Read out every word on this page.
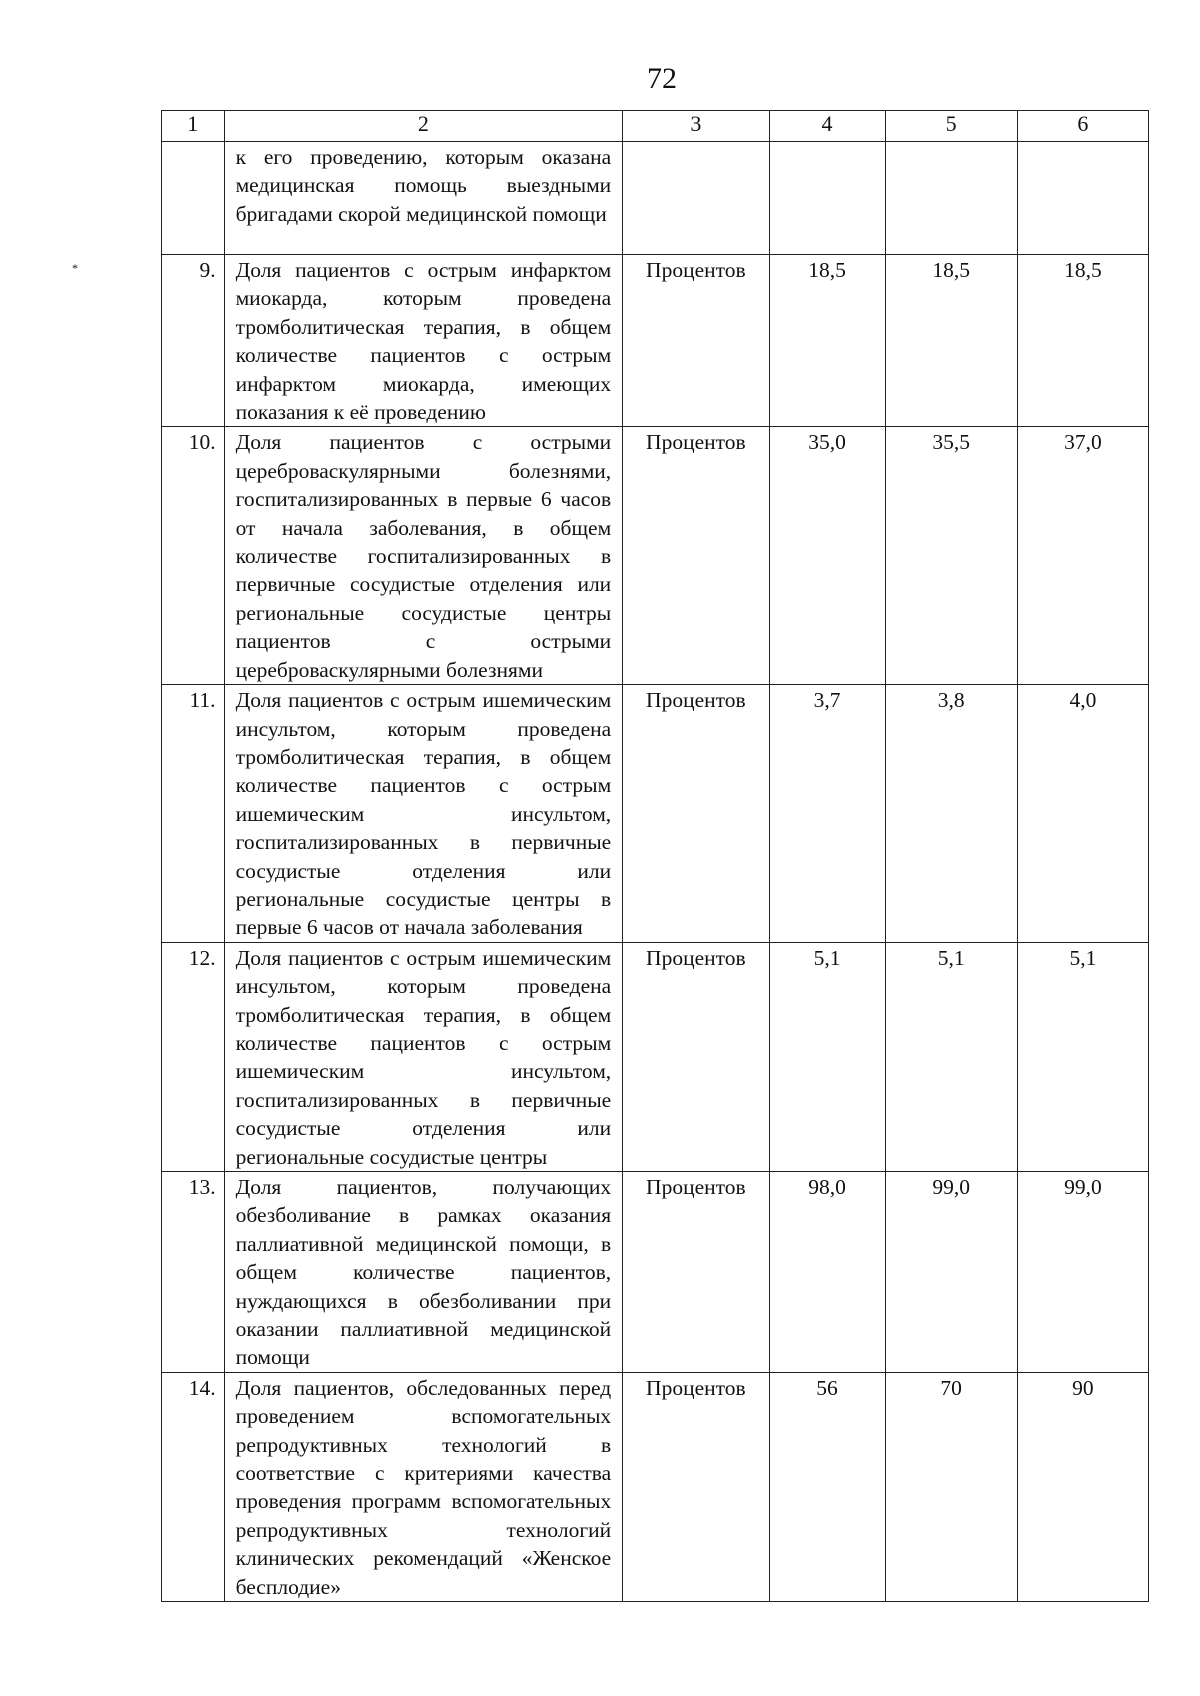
72
*
1	2	3	4	5	6
	к его проведению, которым оказана медицинская помощь выездными бригадами скорой медицинской помощи				
9.	Доля пациентов с острым инфарктом миокарда, которым проведена тромболитическая терапия, в общем количестве пациентов с острым инфарктом миокарда, имеющих показания к её проведению	Процентов	18,5	18,5	18,5
10.	Доля пациентов с острыми цереброваскулярными болезнями, госпитализированных в первые 6 часов от начала заболевания, в общем количестве госпитализированных в первичные сосудистые отделения или региональные сосудистые центры пациентов с острыми цереброваскулярными болезнями	Процентов	35,0	35,5	37,0
11.	Доля пациентов с острым ишемическим инсультом, которым проведена тромболитическая терапия, в общем количестве пациентов с острым ишемическим инсультом, госпитализированных в первичные сосудистые отделения или региональные сосудистые центры в первые 6 часов от начала заболевания	Процентов	3,7	3,8	4,0
12.	Доля пациентов с острым ишемическим инсультом, которым проведена тромболитическая терапия, в общем количестве пациентов с острым ишемическим инсультом, госпитализированных в первичные сосудистые отделения или региональные сосудистые центры	Процентов	5,1	5,1	5,1
13.	Доля пациентов, получающих обезболивание в рамках оказания паллиативной медицинской помощи, в общем количестве пациентов, нуждающихся в обезболивании при оказании паллиативной медицинской помощи	Процентов	98,0	99,0	99,0
14.	Доля пациентов, обследованных перед проведением вспомогательных репродуктивных технологий в соответствие с критериями качества проведения программ вспомогательных репродуктивных технологий клинических рекомендаций «Женское бесплодие»	Процентов	56	70	90
